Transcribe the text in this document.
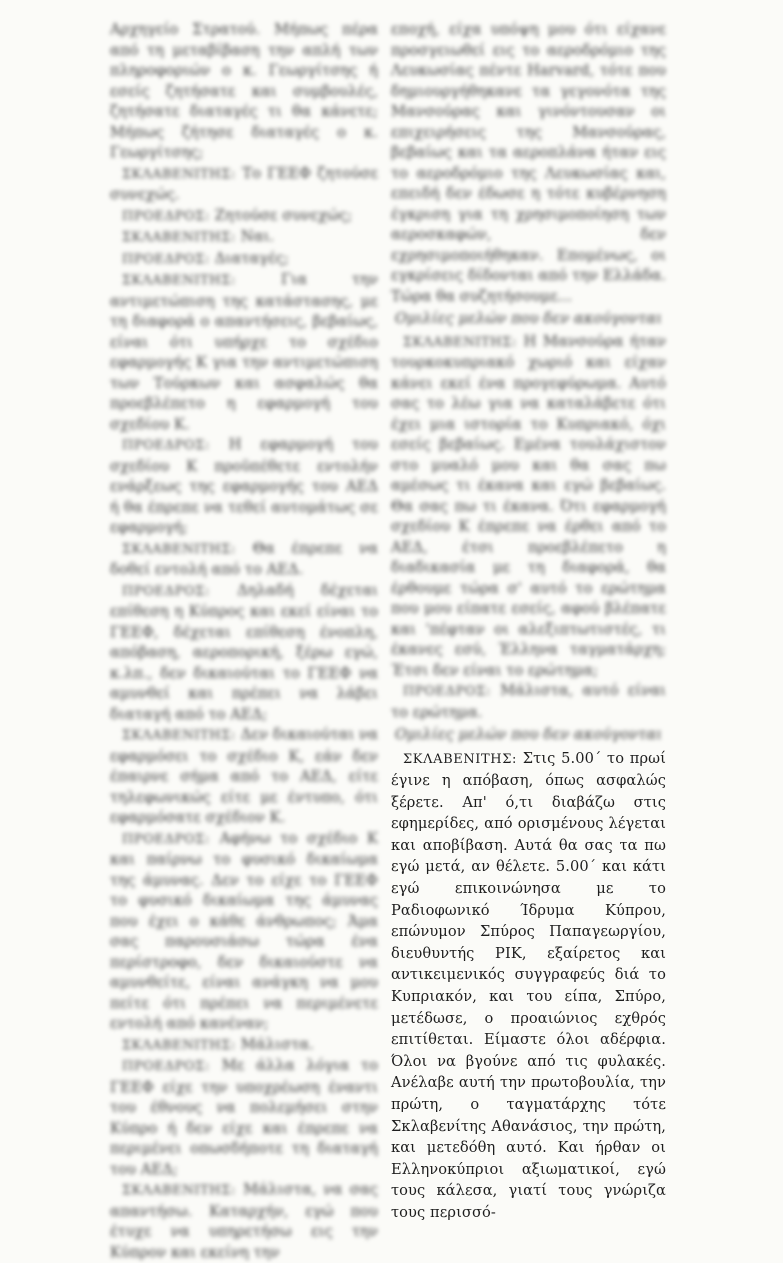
Αρχηγείο Στρατού. Μήπως πέρα από τη μεταβίβαση την απλή των πληροφοριών ο κ. Γεωργίτσης ή εσείς ζητήσατε και συμβουλές, ζητήσατε διαταγές τι θα κάνετε; Μήπως ζήτησε διαταγές ο κ. Γεωργίτσης;

ΣΚΛΑΒΕΝΙΤΗΣ: Το ΓΕΕΦ ζητούσε συνεχώς.

ΠΡΟΕΔΡΟΣ: Ζητούσε συνεχώς;

ΣΚΛΑΒΕΝΙΤΗΣ: Ναι.

ΠΡΟΕΔΡΟΣ: Διαταγές;

ΣΚΛΑΒΕΝΙΤΗΣ:	Για την αντιμετώπιση της κατάστασης, με τη διαφορά ο απαντήσεις, βεβαίως, είναι ότι υπήρχε το σχέδιο εφαρμογής Κ για την αντιμετώπιση των Τούρκων και ασφαλώς θα προεβλέπετο η εφαρμογή του σχεδίου Κ.

ΠΡΟΕΔΡΟΣ: Η εφαρμογή του σχεδίου Κ προϋπέθετε εντολήν ενάρξεως της εφαρμογής του ΑΕΔ ή θα έπρεπε να τεθεί αυτομάτως σε εφαρμογή;

ΣΚΛΑΒΕΝΙΤΗΣ: Θα έπρεπε να δοθεί εντολή από το ΑΕΔ.

ΠΡΟΕΔΡΟΣ: Δηλαδή δέχεται επίθεση η Κύπρος και εκεί είναι το ΓΕΕΦ, δέχεται επίθεση ένοπλη, απόβαση, αεροπορική, ξέρω εγώ, κ.λπ., δεν δικαιούται το ΓΕΕΦ να αμυνθεί και πρέπει να λάβει διαταγή από το ΑΕΔ;

ΣΚΛΑΒΕΝΙΤΗΣ: Δεν δικαιούται να εφαρμόσει το σχέδιο Κ, εάν δεν έπαιρνε σήμα από το ΑΕΔ, είτε τηλεφωνικώς είτε με έντυπο, ότι εφαρμόσατε σχέδιον Κ.

ΠΡΟΕΔΡΟΣ: Αφήνω το σχέδιο Κ και παίρνω το φυσικό δικαίωμα της άμυνας. Δεν το είχε το ΓΕΕΦ το φυσικό δικαίωμα της άμυνας που έχει ο κάθε άνθρωπος; Άμα σας παρουσιάσω τώρα ένα περίστροφο, δεν δικαιούστε να αμυνθείτε, είναι ανάγκη να μου πείτε ότι πρέπει να περιμένετε εντολή από κανέναν;

ΣΚΛΑΒΕΝΙΤΗΣ: Μάλιστα.

ΠΡΟΕΔΡΟΣ: Με άλλα λόγια το ΓΕΕΦ είχε την υποχρέωση έναντι του έθνους να πολεμήσει στην Κύπρο ή δεν είχε και έπρεπε να περιμένει οπωσδήποτε τη διαταγή του ΑΕΔ;

ΣΚΛΑΒΕΝΙΤΗΣ: Μάλιστα, να σας απαντήσω. Καταρχήν, εγώ που έτυχε να υπηρετήσω εις την Κύπρον και εκείνη την

εποχή, είχα υπόψη μου ότι είχανε προσγειωθεί εις το αεροδρόμιο της Λευκωσίας πέντε Harvard, τότε που δημιουργήθηκανε τα γεγονότα της Μανσούρας και γινόντουσαν οι επιχειρήσεις της Μανσούρας, βεβαίως και τα αεροπλάνα ήταν εις το αεροδρόμιο της Λευκωσίας και, επειδή δεν έδωσε η τότε κυβέρνηση έγκριση για τη χρησιμοποίηση των αεροσκαφών, δεν εχρησιμοποιήθηκαν. Επομένως, οι εγκρίσεις δίδονται από την Ελλάδα. Τώρα θα συζητήσουμε...

Ομιλίες μελών που δεν ακούγονται

ΣΚΛΑΒΕΝΙΤΗΣ: Η Μανσούρα ήταν τουρκοκυπριακό χωριό και είχαν κάνει εκεί ένα προγεφύρωμα. Αυτό σας το λέω για να καταλάβετε ότι έχει μια ιστορία το Κυπριακό, όχι εσείς βεβαίως. Εμένα τουλάχιστον στο μυαλό μου και θα σας πω αμέσως τι έκανα και εγώ βεβαίως. Θα σας πω τι έκανα. Ότι εφαρμογή σχεδίου Κ έπρεπε να έρθει από το ΑΕΔ, έτσι προεβλέπετο η διαδικασία με τη διαφορά, θα έρθουμε τώρα σ' αυτό το ερώτημα που μου είπατε εσείς, αφού βλέπατε και 'πέφταν οι αλεξιπτωτιστές, τι έκανες εσύ, Έλληνα ταγματάρχη; Έτσι δεν είναι το ερώτημα;

ΠΡΟΕΔΡΟΣ: Μάλιστα, αυτό είναι το ερώτημα.

Ομιλίες μελών που δεν ακούγονται

ΣΚΛΑΒΕΝΙΤΗΣ: Στις 5.00΄ το πρωί έγινε η απόβαση, όπως ασφαλώς ξέρετε. Απ' ό,τι διαβάζω στις εφημερίδες, από ορισμένους λέγεται και αποβίβαση. Αυτά θα σας τα πω εγώ μετά, αν θέλετε. 5.00΄ και κάτι εγώ επικοινώνησα με το Ραδιοφωνικό Ίδρυμα Κύπρου, επώνυμον Σπύρος Παπαγεωργίου, διευθυντής ΡΙΚ, εξαίρετος και αντικειμενικός συγγραφεύς διά το Κυπριακόν, και του είπα, Σπύρο, μετέδωσε, ο προαιώνιος εχθρός επιτίθεται. Είμαστε όλοι αδέρφια. Όλοι να βγούνε από τις φυλακές. Ανέλαβε αυτή την πρωτοβουλία, την πρώτη, ο ταγματάρχης τότε Σκλαβενίτης Αθανάσιος, την πρώτη, και μετεδόθη αυτό. Και ήρθαν οι Ελληνοκύπριοι αξιωματικοί, εγώ τους κάλεσα, γιατί τους γνώριζα τους περισσό-
